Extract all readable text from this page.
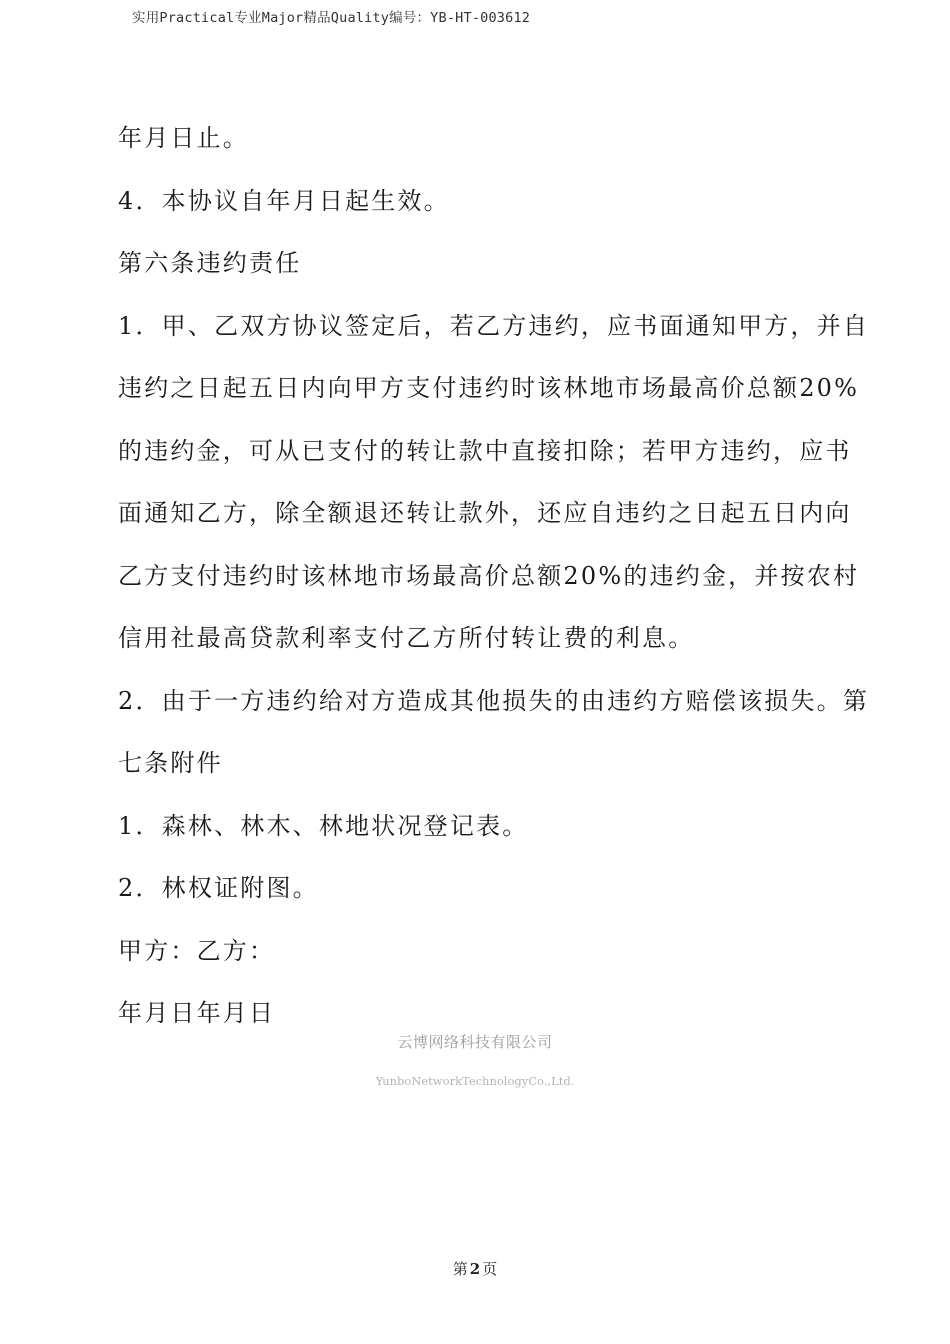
实用Practical专业Major精品Quality编号：YB-HT-003612
年月日止。
4．本协议自年月日起生效。
第六条违约责任
1．甲、乙双方协议签定后，若乙方违约，应书面通知甲方，并自
违约之日起五日内向甲方支付违约时该林地市场最高价总额20%
的违约金，可从已支付的转让款中直接扣除；若甲方违约，应书
面通知乙方，除全额退还转让款外，还应自违约之日起五日内向
乙方支付违约时该林地市场最高价总额20%的违约金，并按农村
信用社最高贷款利率支付乙方所付转让费的利息。
2．由于一方违约给对方造成其他损失的由违约方赔偿该损失。第
七条附件
1．森林、林木、林地状况登记表。
2．林权证附图。
甲方：乙方：
年月日年月日
云博网络科技有限公司
YunboNetworkTechnologyCo.,Ltd.
第 2 页
